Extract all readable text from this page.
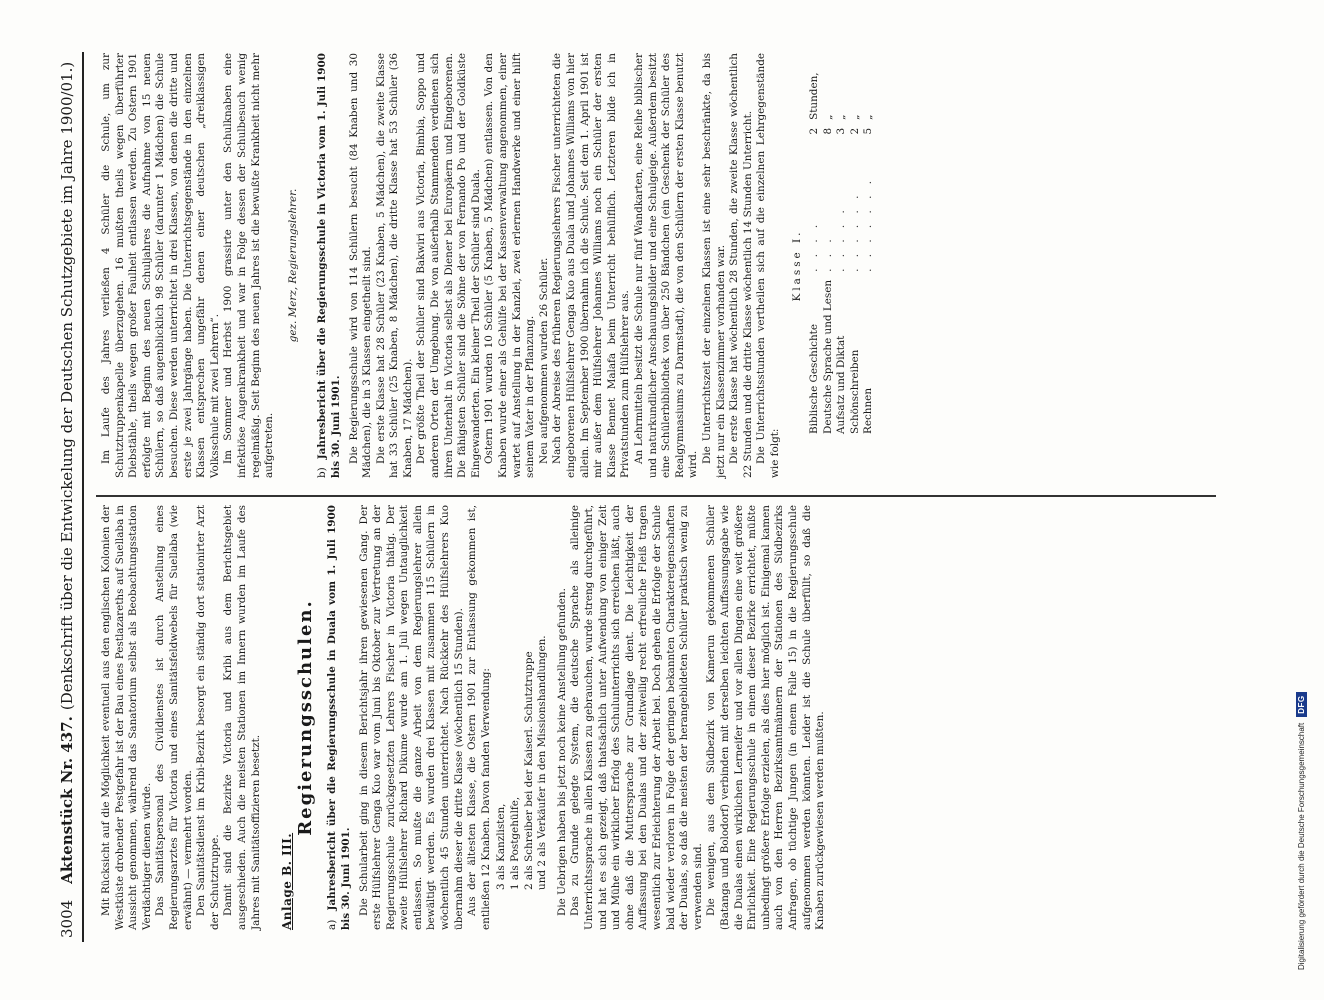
3004
Aktenstück Nr. 437.
(Denkschrift über die Entwickelung der Deutschen Schutzgebiete im Jahre 1900/01.)

Mit Rücksicht auf die Möglichkeit eventuell aus den englischen Kolonien der Westküste drohender Pestgefahr ist der Bau eines Pestlazareths auf Suellaba in Aussicht genommen, während das Sanatorium selbst als Beobachtungsstation Verdächtiger dienen würde. Das Sanitätspersonal des Civildienstes ist durch Anstellung eines Regierungsarztes für Victoria und eines Sanitätsfeldwebels für Suellaba (wie erwähnt) — vermehrt worden. Den Sanitätsdienst im Kribi-Bezirk besorgt ein ständig dort stationirter Arzt der Schutztruppe. Damit sind die Bezirke Victoria und Kribi aus dem Berichtsgebiet ausgeschieden. Auch die meisten Stationen im Innern wurden im Laufe des Jahres mit Sanitätsoffizieren besetzt. Anlage B. III.
Regierungsschulen.
a) Jahresbericht über die Regierungsschule in Duala vom 1. Juli 1900 bis 30. Juni 1901. Die Schularbeit ging in diesem Berichtsjahr ihren gewiesenen Gang. Der erste Hülfslehrer Genga Kuo war vom Juni bis Oktober zur Vertretung an der Regierungsschule zurückgesetzten Lehrers Fischer in Victoria thätig. Der zweite Hülfslehrer Richard Dikume wurde am 1. Juli wegen Untauglichkeit entlassen. So mußte die ganze Arbeit von dem Regierungslehrer allein bewältigt werden. Es wurden drei Klassen mit zusammen 115 Schülern in wöchentlich 45 Stunden unterrichtet. Nach Rückkehr des Hülfslehrers Kuo übernahm dieser die dritte Klasse (wöchentlich 15 Stunden). Aus der ältesten Klasse, die Ostern 1901 zur Entlassung gekommen ist, entließen 12 Knaben. Davon fanden Verwendung: 3 als Kanzlisten, 1 als Postgehülfe, 2 als Schreiber bei der Kaiserl. Schutztruppe und 2 als Verkäufer in den Missionshandlungen. Die Uebrigen haben bis jetzt noch keine Anstellung gefunden. Das zu Grunde gelegte System, die deutsche Sprache als alleinige Unterrichtssprache in allen Klassen zu gebrauchen, wurde streng durchgeführt, und hat es sich gezeigt, daß thatsächlich unter Aufwendung von einiger Zeit und Mühe ein wirklicher Erfolg des Schulunterrichts sich erreichen läßt, auch ohne daß die Muttersprache zur Grundlage dient. Die Leichtigkeit der Auffassung bei den Dualas und der zeitweilig recht erfreuliche Fleiß tragen wesentlich zur Erleichterung der Arbeit bei. Doch gehen die Erfolge der Schule bald wieder verloren in Folge der geringen bekannten Charaktereigenschaften der Dualas, so daß die meisten der herangebildeten Schüler praktisch wenig zu verwenden sind. Die wenigen, aus dem Südbezirk von Kamerun gekommenen Schüler (Batanga und Bolodorf) verbinden mit derselben leichten Auffassungsgabe wie die Dualas einen wirklichen Lerneifer und vor allen Dingen eine weit größere Ehrlichkeit. Eine Regierungsschule in einem dieser Bezirke errichtet, müßte unbedingt größere Erfolge erzielen, als dies hier möglich ist. Einigemal kamen auch von den Herren Bezirksamtmännern der Stationen des Südbezirks Anfragen, ob tüchtige Jungen (in einem Falle 15) in die Regierungsschule aufgenommen werden könnten. Leider ist die Schule überfüllt, so daß die Knaben zurückgewiesen werden mußten.

Im Laufe des Jahres verließen 4 Schüler die Schule, um zur Schutztruppenkapelle überzugehen. 16 mußten theils wegen überführter Diebstähle, theils wegen großer Faulheit entlassen werden. Zu Ostern 1901 erfolgte mit Beginn des neuen Schuljahres die Aufnahme von 15 neuen Schülern, so daß augenblicklich 98 Schüler (darunter 1 Mädchen) die Schule besuchen. Diese werden unterrichtet in drei Klassen, von denen die dritte und erste je zwei Jahrgänge haben. Die Unterrichtsgegenstände in den einzelnen Klassen entsprechen ungefähr denen einer deutschen „dreiklassigen Volksschule mit zwei Lehrern“. Im Sommer und Herbst 1900 grassirte unter den Schulknaben eine infektiöse Augenkrankheit und war in Folge dessen der Schulbesuch wenig regelmäßig. Seit Beginn des neuen Jahres ist die bewußte Krankheit nicht mehr aufgetreten.

gez. Merz, Regierungslehrer.
b) Jahresbericht über die Regierungsschule in Victoria vom 1. Juli 1900 bis 30. Juni 1901. Die Regierungsschule wird von 114 Schülern besucht (84 Knaben und 30 Mädchen), die in 3 Klassen eingetheilt sind. Die erste Klasse hat 28 Schüler (23 Knaben, 5 Mädchen), die zweite Klasse hat 33 Schüler (25 Knaben, 8 Mädchen), die dritte Klasse hat 53 Schüler (36 Knaben, 17 Mädchen). Der größte Theil der Schüler sind Bakwiri aus Victoria, Bimbia, Soppo und anderen Orten der Umgebung. Die von außerhalb Stammenden verdienen sich ihren Unterhalt in Victoria selbst als Diener bei Europäern und Eingeborenen. Die fähigsten Schüler sind die Söhne der von Fernando Po und der Goldküste Eingewanderten. Ein kleiner Theil der Schüler sind Duala. Ostern 1901 wurden 10 Schüler (5 Knaben, 5 Mädchen) entlassen. Von den Knaben wurde einer als Gehülfe bei der Kassenverwaltung angenommen, einer wartet auf Anstellung in der Kanzlei, zwei erlernen Handwerke und einer hilft seinem Vater in der Pflanzung. Neu aufgenommen wurden 26 Schüler. Nach der Abreise des früheren Regierungslehrers Fischer unterrichteten die eingeborenen Hülfslehrer Genga Kuo aus Duala und Johannes Williams von hier allein. Im September 1900 übernahm ich die Schule. Seit dem 1. April 1901 ist mir außer dem Hülfslehrer Johannes Williams noch ein Schüler der ersten Klasse Bennet Malafa beim Unterricht behülflich. Letzteren bilde ich in Privatstunden zum Hülfslehrer aus. An Lehrmitteln besitzt die Schule nur fünf Wandkarten, eine Reihe biblischer und naturkundlicher Anschauungsbilder und eine Schulgeige. Außerdem besitzt eine Schülerbibliothek von über 250 Bändchen (ein Geschenk der Schüler des Realgymnasiums zu Darmstadt), die von den Schülern der ersten Klasse benutzt wird.

Die Unterrichtszeit der einzelnen Klassen ist eine sehr beschränkte, da bis jetzt nur ein Klassenzimmer vorhanden war. Die erste Klasse hat wöchentlich 28 Stunden, die zweite Klasse wöchentlich 22 Stunden und die dritte Klasse wöchentlich 14 Stunden Unterricht. Die Unterrichtsstunden vertheilen sich auf die einzelnen Lehrgegenstände wie folgt:

Klasse I.
Biblische Geschichte	. . . .	2	Stunden,
Deutsche Sprache und Lesen	. . .	8	„
Aufsatz und Diktat	. . . . .	3	„
Schönschreiben	. . . . . .	2	„
Rechnen	. . . . . . .	5	„
Digitalisierung gefördert durch die Deutsche Forschungsgemeinschaft
DFG
